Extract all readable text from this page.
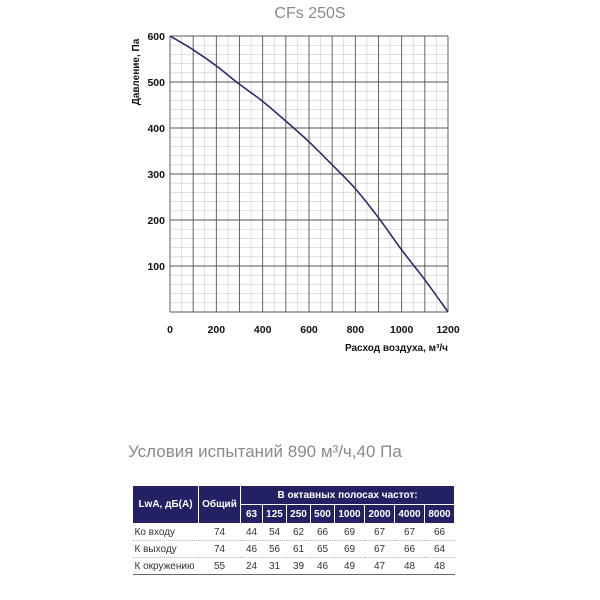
CFs 250S
0	200	400	600	800 1000 1200
600
500
400
300
200
100
Расход воздуха, м³/ч
Давление, Па
Условия испытаний 890 м³/ч,40 Па
LwA, дБ(А)	Общий	В октавных полосах частот:							
		63	125	250	500	1000	2000	4000	8000
Ко входу	74	44	54	62	66	69	67	67	66
К выходу	74	46	56	61	65	69	67	66	64
К окружению	55	24	31	39	46	49	47	48	48
